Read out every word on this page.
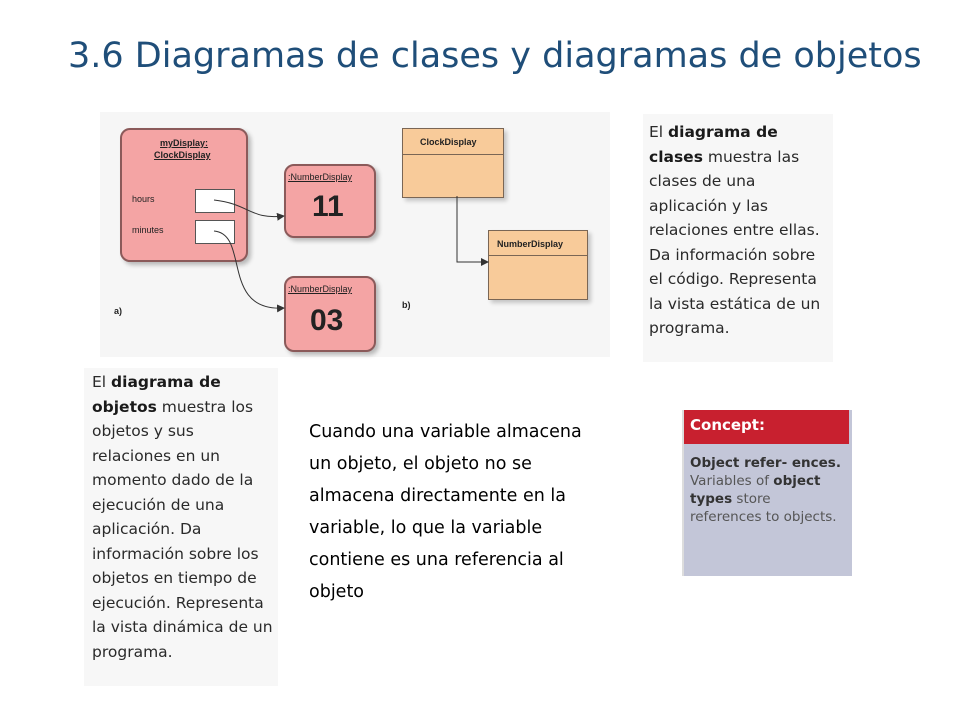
3.6 Diagramas de clases y diagramas de objetos
myDisplay:
ClockDisplay
hours
minutes
:NumberDisplay
11
:NumberDisplay
03
a)
ClockDisplay
NumberDisplay
b)
El diagrama de clases muestra las clases de una aplicación y las relaciones entre ellas. Da información sobre el código. Representa la vista estática de un programa.
El diagrama de objetos muestra los objetos y sus relaciones en un momento dado de la ejecución de una aplicación. Da información sobre los objetos en tiempo de ejecución. Representa la vista dinámica de un programa.
Cuando una variable almacena un objeto, el objeto no se almacena directamente en la variable, lo que la variable contiene es una referencia al objeto
Concept:
Object refer- ences. Variables of object types store references to objects.
